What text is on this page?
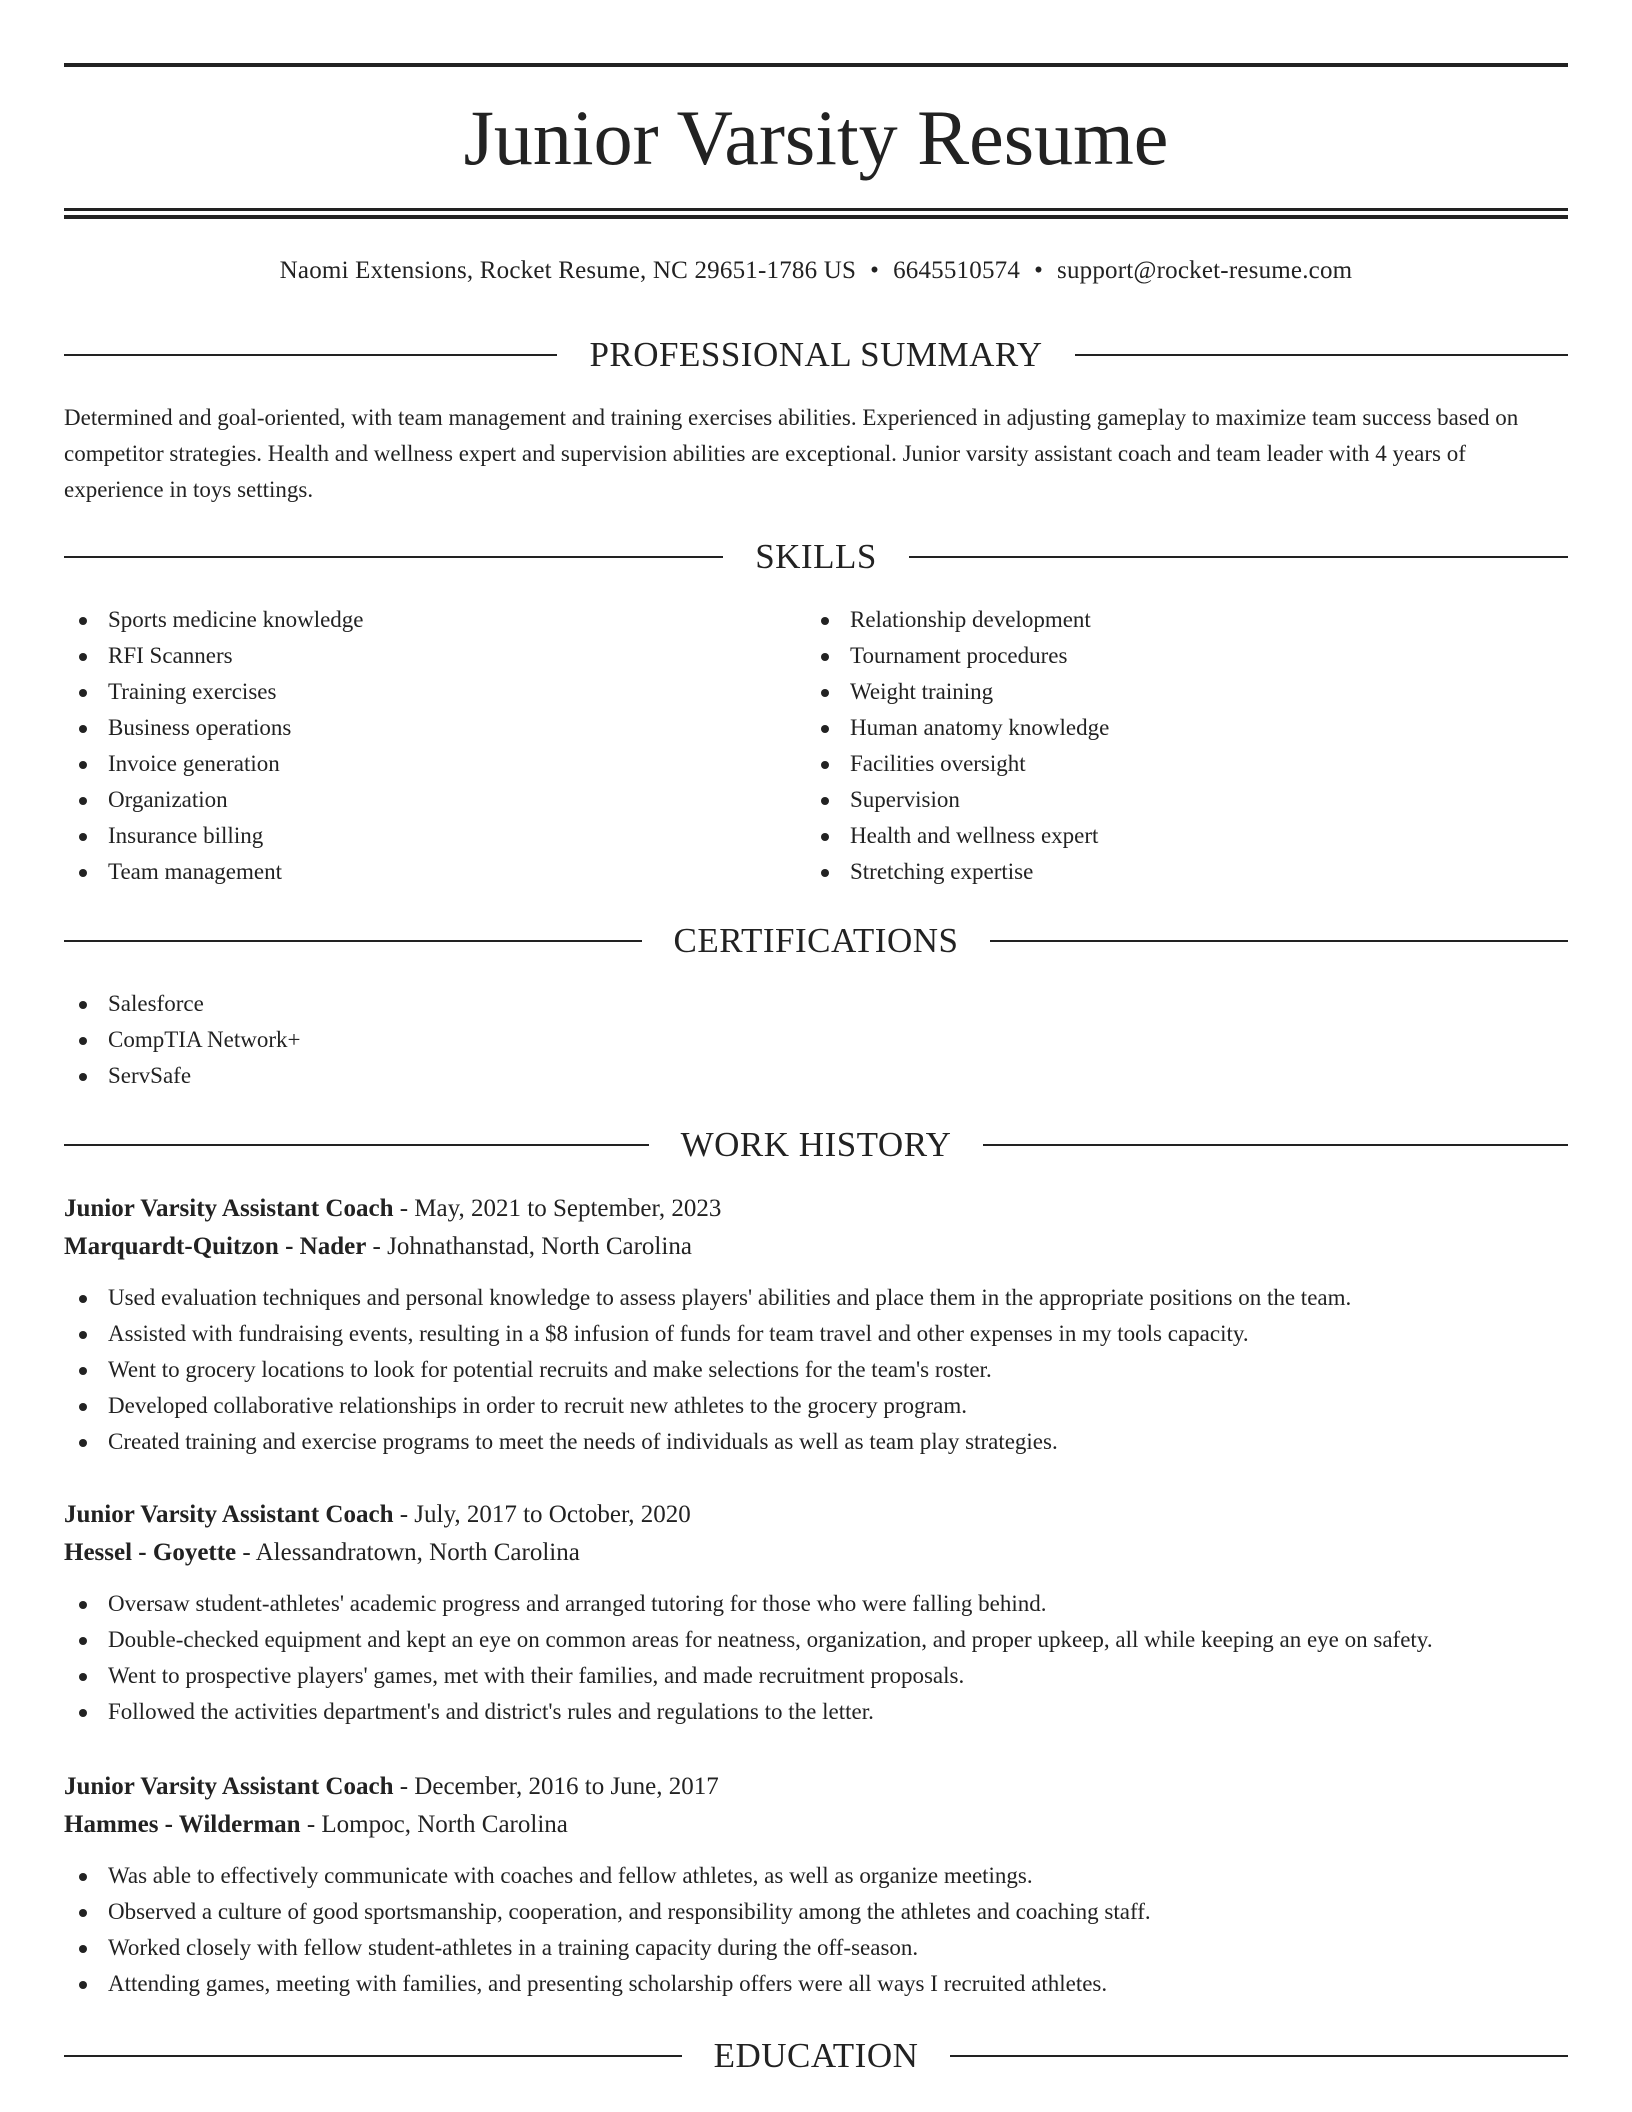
Junior Varsity Resume
Naomi Extensions, Rocket Resume, NC 29651-1786 US • 6645510574 • support@rocket-resume.com
PROFESSIONAL SUMMARY

Determined and goal-oriented, with team management and training exercises abilities. Experienced in adjusting gameplay to maximize team success based on competitor strategies. Health and wellness expert and supervision abilities are exceptional. Junior varsity assistant coach and team leader with 4 years of experience in toys settings.

SKILLS
Sports medicine knowledge
RFI Scanners
Training exercises
Business operations
Invoice generation
Organization
Insurance billing
Team management
Relationship development
Tournament procedures
Weight training
Human anatomy knowledge
Facilities oversight
Supervision
Health and wellness expert
Stretching expertise
CERTIFICATIONS
Salesforce
CompTIA Network+
ServSafe
WORK HISTORY
Junior Varsity Assistant Coach - May, 2021 to September, 2023
Marquardt-Quitzon - Nader - Johnathanstad, North Carolina
Used evaluation techniques and personal knowledge to assess players' abilities and place them in the appropriate positions on the team.
Assisted with fundraising events, resulting in a $8 infusion of funds for team travel and other expenses in my tools capacity.
Went to grocery locations to look for potential recruits and make selections for the team's roster.
Developed collaborative relationships in order to recruit new athletes to the grocery program.
Created training and exercise programs to meet the needs of individuals as well as team play strategies.
Junior Varsity Assistant Coach - July, 2017 to October, 2020
Hessel - Goyette - Alessandratown, North Carolina
Oversaw student-athletes' academic progress and arranged tutoring for those who were falling behind.
Double-checked equipment and kept an eye on common areas for neatness, organization, and proper upkeep, all while keeping an eye on safety.
Went to prospective players' games, met with their families, and made recruitment proposals.
Followed the activities department's and district's rules and regulations to the letter.
Junior Varsity Assistant Coach - December, 2016 to June, 2017
Hammes - Wilderman - Lompoc, North Carolina
Was able to effectively communicate with coaches and fellow athletes, as well as organize meetings.
Observed a culture of good sportsmanship, cooperation, and responsibility among the athletes and coaching staff.
Worked closely with fellow student-athletes in a training capacity during the off-season.
Attending games, meeting with families, and presenting scholarship offers were all ways I recruited athletes.
EDUCATION
